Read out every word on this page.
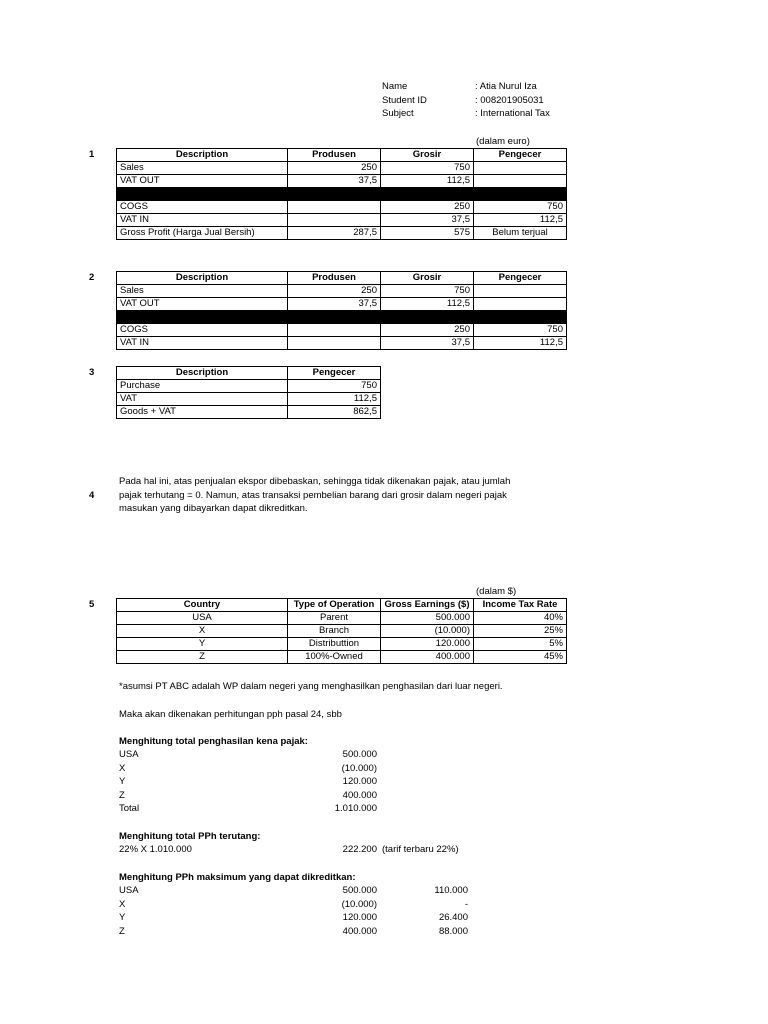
Name	: Atia Nurul Iza
Student ID	: 008201905031
Subject	: International Tax
(dalam euro)
1	Description	Produsen	Grosir	Pengecer
Sales	250	750	
VAT OUT	37,5	112,5	

COGS		250	750
VAT IN		37,5	112,5
Gross Profit (Harga Jual Bersih)	287,5	575	Belum terjual
2	Description	Produsen	Grosir	Pengecer
Sales	250	750	
VAT OUT	37,5	112,5	

COGS		250	750
VAT IN		37,5	112,5
3	Description	Pengecer
Purchase	750
VAT	112,5
Goods + VAT	862,5
4
Pada hal ini, atas penjualan ekspor dibebaskan, sehingga tidak dikenakan pajak, atau jumlah
pajak terhutang = 0. Namun, atas transaksi pembelian barang dari grosir dalam negeri pajak
masukan yang dibayarkan dapat dikreditkan.
(dalam $)
5	Country	Type of Operation	Gross Earnings ($)	Income Tax Rate
USA	Parent	500.000	40%
X	Branch	(10.000)	25%
Y	Distributtion	120.000	5%
Z	100%-Owned	400.000	45%
*asumsi PT ABC adalah WP dalam negeri yang menghasilkan penghasilan dari luar negeri.
Maka akan dikenakan perhitungan pph pasal 24, sbb
Menghitung total penghasilan kena pajak:
USA	500.000
X	(10.000)
Y	120.000
Z	400.000
Total	1.010.000
Menghitung total PPh terutang:
22% X 1.010.000	222.200 (tarif terbaru 22%)
Menghitung PPh maksimum yang dapat dikreditkan:
USA	500.000	110.000
X	(10.000)	-
Y	120.000	26.400
Z	400.000	88.000
